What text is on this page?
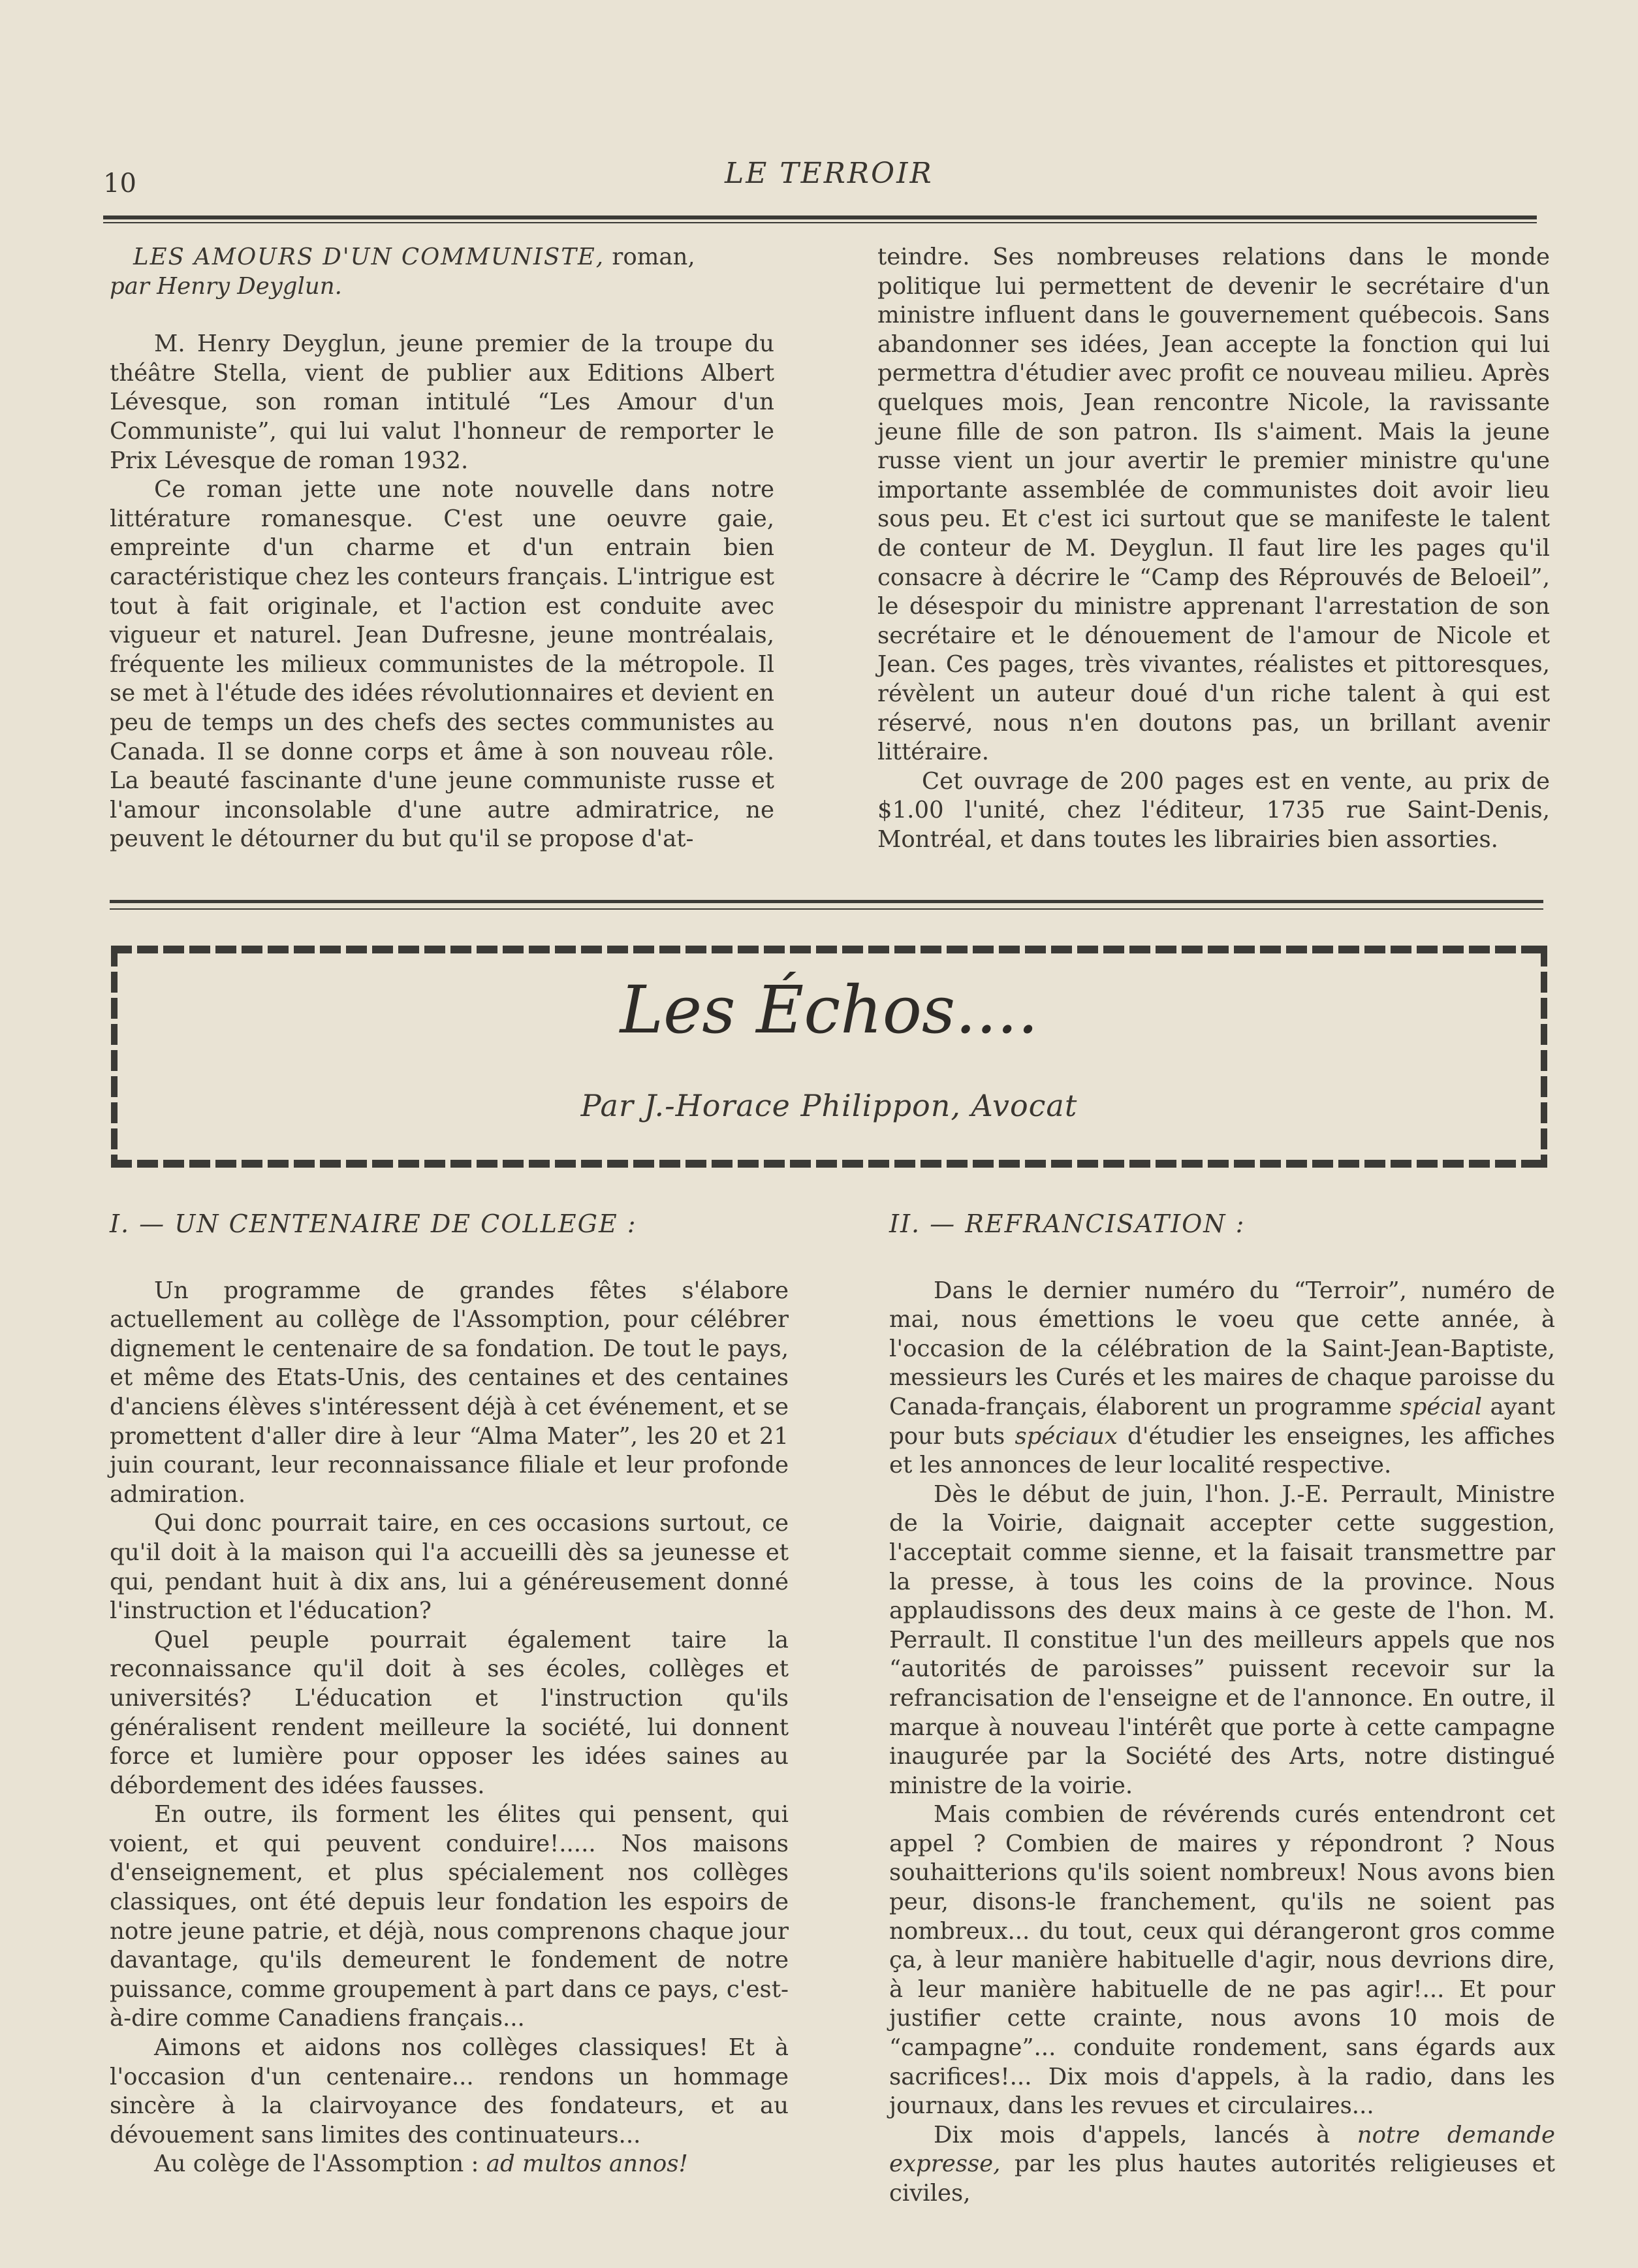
10	LE TERROIR

LES AMOURS D'UN COMMUNISTE, roman,

par Henry Deyglun.

M. Henry Deyglun, jeune premier de la troupe du théâtre Stella, vient de publier aux Editions Albert Lévesque, son roman intitulé “Les Amour d'un Communiste”, qui lui valut l'honneur de remporter le Prix Lévesque de roman 1932.

Ce roman jette une note nouvelle dans notre littérature romanesque. C'est une oeuvre gaie, empreinte d'un charme et d'un entrain bien caractéristique chez les conteurs français. L'intrigue est tout à fait originale, et l'action est conduite avec vigueur et naturel. Jean Dufresne, jeune montréalais, fréquente les milieux communistes de la métropole. Il se met à l'étude des idées révolutionnaires et devient en peu de temps un des chefs des sectes communistes au Canada. Il se donne corps et âme à son nouveau rôle. La beauté fascinante d'une jeune communiste russe et l'amour inconsolable d'une autre admiratrice, ne peuvent le détourner du but qu'il se propose d'at-

teindre. Ses nombreuses relations dans le monde politique lui permettent de devenir le secrétaire d'un ministre influent dans le gouvernement québecois. Sans abandonner ses idées, Jean accepte la fonction qui lui permettra d'étudier avec profit ce nouveau milieu. Après quelques mois, Jean rencontre Nicole, la ravissante jeune fille de son patron. Ils s'aiment. Mais la jeune russe vient un jour avertir le premier ministre qu'une importante assemblée de communistes doit avoir lieu sous peu. Et c'est ici surtout que se manifeste le talent de conteur de M. Deyglun. Il faut lire les pages qu'il consacre à décrire le “Camp des Réprouvés de Beloeil”, le désespoir du ministre apprenant l'arrestation de son secrétaire et le dénouement de l'amour de Nicole et Jean. Ces pages, très vivantes, réalistes et pittoresques, révèlent un auteur doué d'un riche talent à qui est réservé, nous n'en doutons pas, un brillant avenir littéraire.

Cet ouvrage de 200 pages est en vente, au prix de $1.00 l'unité, chez l'éditeur, 1735 rue Saint-Denis, Montréal, et dans toutes les librairies bien assorties.

Les Échos....
Par J.-Horace Philippon, Avocat

I. — UN CENTENAIRE DE COLLEGE :

Un programme de grandes fêtes s'élabore actuellement au collège de l'Assomption, pour célébrer dignement le centenaire de sa fondation. De tout le pays, et même des Etats-Unis, des centaines et des centaines d'anciens élèves s'intéressent déjà à cet événement, et se promettent d'aller dire à leur “Alma Mater”, les 20 et 21 juin courant, leur reconnaissance filiale et leur profonde admiration.

Qui donc pourrait taire, en ces occasions surtout, ce qu'il doit à la maison qui l'a accueilli dès sa jeunesse et qui, pendant huit à dix ans, lui a généreusement donné l'instruction et l'éducation?

Quel peuple pourrait également taire la reconnaissance qu'il doit à ses écoles, collèges et universités? L'éducation et l'instruction qu'ils généralisent rendent meilleure la société, lui donnent force et lumière pour opposer les idées saines au débordement des idées fausses.

En outre, ils forment les élites qui pensent, qui voient, et qui peuvent conduire!..... Nos maisons d'enseignement, et plus spécialement nos collèges classiques, ont été depuis leur fondation les espoirs de notre jeune patrie, et déjà, nous comprenons chaque jour davantage, qu'ils demeurent le fondement de notre puissance, comme groupement à part dans ce pays, c'est-à-dire comme Canadiens français...

Aimons et aidons nos collèges classiques! Et à l'occasion d'un centenaire... rendons un hommage sincère à la clairvoyance des fondateurs, et au dévouement sans limites des continuateurs...

Au colège de l'Assomption : ad multos annos!

II. — REFRANCISATION :

Dans le dernier numéro du “Terroir”, numéro de mai, nous émettions le voeu que cette année, à l'occasion de la célébration de la Saint-Jean-Baptiste, messieurs les Curés et les maires de chaque paroisse du Canada-français, élaborent un programme spécial ayant pour buts spéciaux d'étudier les enseignes, les affiches et les annonces de leur localité respective.

Dès le début de juin, l'hon. J.-E. Perrault, Ministre de la Voirie, daignait accepter cette suggestion, l'acceptait comme sienne, et la faisait transmettre par la presse, à tous les coins de la province. Nous applaudissons des deux mains à ce geste de l'hon. M. Perrault. Il constitue l'un des meilleurs appels que nos “autorités de paroisses” puissent recevoir sur la refrancisation de l'enseigne et de l'annonce. En outre, il marque à nouveau l'intérêt que porte à cette campagne inaugurée par la Société des Arts, notre distingué ministre de la voirie.

Mais combien de révérends curés entendront cet appel ? Combien de maires y répondront ? Nous souhaitterions qu'ils soient nombreux! Nous avons bien peur, disons-le franchement, qu'ils ne soient pas nombreux... du tout, ceux qui dérangeront gros comme ça, à leur manière habituelle d'agir, nous devrions dire, à leur manière habituelle de ne pas agir!... Et pour justifier cette crainte, nous avons 10 mois de “campagne”... conduite rondement, sans égards aux sacrifices!... Dix mois d'appels, à la radio, dans les journaux, dans les revues et circulaires...

Dix mois d'appels, lancés à notre demande expresse, par les plus hautes autorités religieuses et civiles,
